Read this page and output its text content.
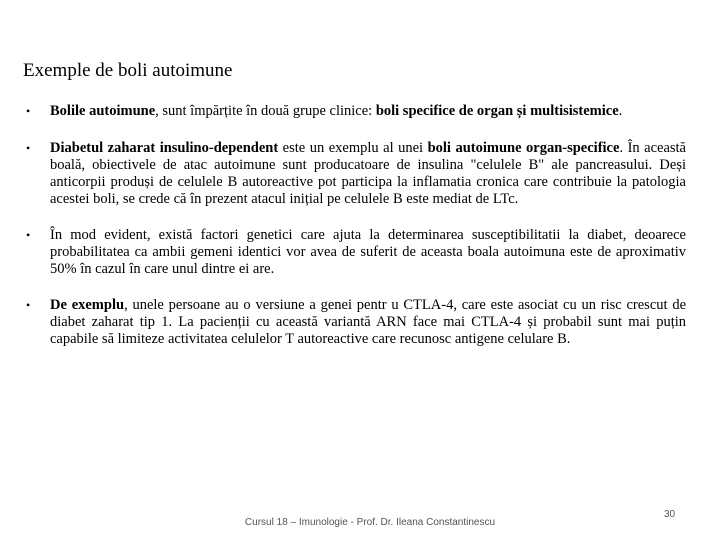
Exemple de boli autoimune
• Bolile autoimune, sunt împărțite în două grupe clinice: boli specifice de organ și multisistemice.
• Diabetul zaharat insulino-dependent este un exemplu al unei boli autoimune organ-specifice. În această boală, obiectivele de atac autoimune sunt producatoare de insulina "celulele B" ale pancreasului. Deși anticorpii produși de celulele B autoreactive pot participa la inflamatia cronica care contribuie la patologia acestei boli, se crede că în prezent atacul inițial pe celulele B este mediat de LTc.
• În mod evident, există factori genetici care ajuta la determinarea susceptibilitatii la diabet, deoarece probabilitatea ca ambii gemeni identici vor avea de suferit de aceasta boala autoimuna este de aproximativ 50% în cazul în care unul dintre ei are.
• De exemplu, unele persoane au o versiune a genei pentr u CTLA-4, care este asociat cu un risc crescut de diabet zaharat tip 1. La pacienții cu această variantă ARN face mai CTLA-4 și probabil sunt mai puțin capabile să limiteze activitatea celulelor T autoreactive care recunosc antigene celulare B.
Cursul 18 – Imunologie - Prof. Dr. Ileana Constantinescu
30
